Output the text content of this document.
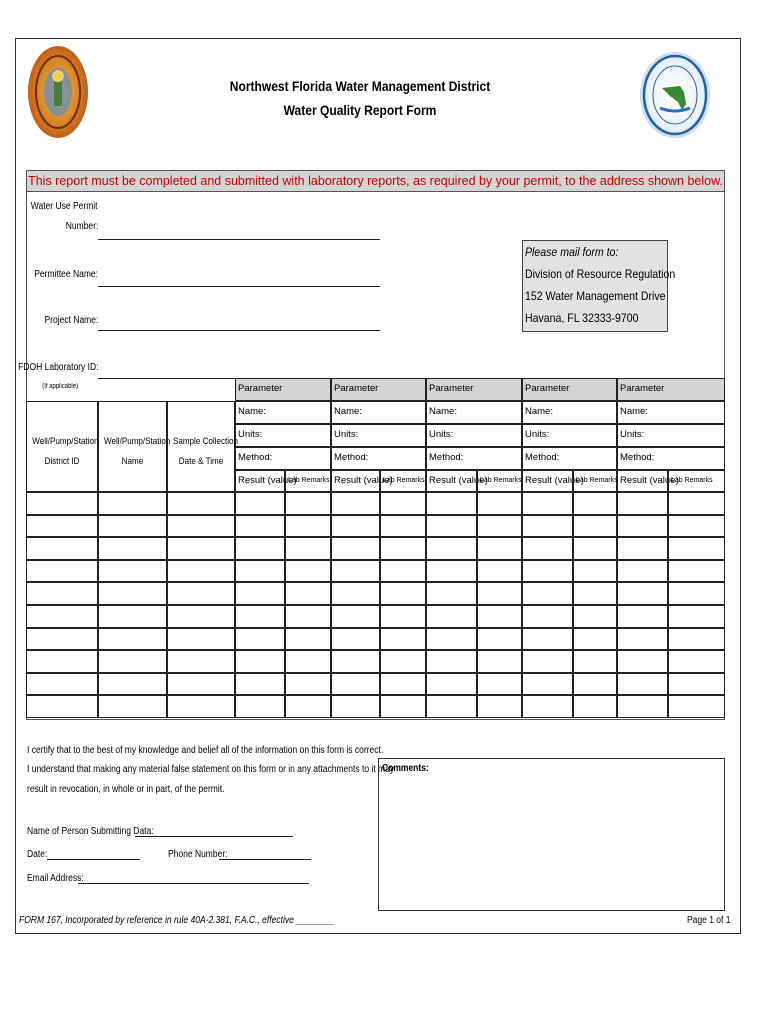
Northwest Florida Water Management District
Water Quality Report Form
This report must be completed and submitted with laboratory reports, as required by your permit, to the address shown below.
Water Use Permit
Number:
Permittee Name:
Project Name:
FDOH Laboratory ID:
(If applicable)
Please mail form to:
Division of Resource Regulation
152 Water Management Drive
Havana, FL 32333-9700
Well/Pump/Station
District ID
Well/Pump/Station
Name
Sample Collection
Date & Time
Parameter
Name:
Units:
Method:
Result (value)
Lab Remarks
Parameter
Name:
Units:
Method:
Result (value)
Lab Remarks
Parameter
Name:
Units:
Method:
Result (value)
Lab Remarks
Parameter
Name:
Units:
Method:
Result (value)
Lab Remarks
Parameter
Name:
Units:
Method:
Result (value)
Lab Remarks
I certify that to the best of my knowledge and belief all of the information on this form is correct.
I understand that making any material false statement on this form or in any attachments to it may
result in revocation, in whole or in part, of the permit.
Name of Person Submitting Data:
Date:	Phone Number:
Email Address:
Comments:
FORM 167, Incorporated by reference in rule 40A-2.381, F.A.C., effective ________	Page 1 of 1
